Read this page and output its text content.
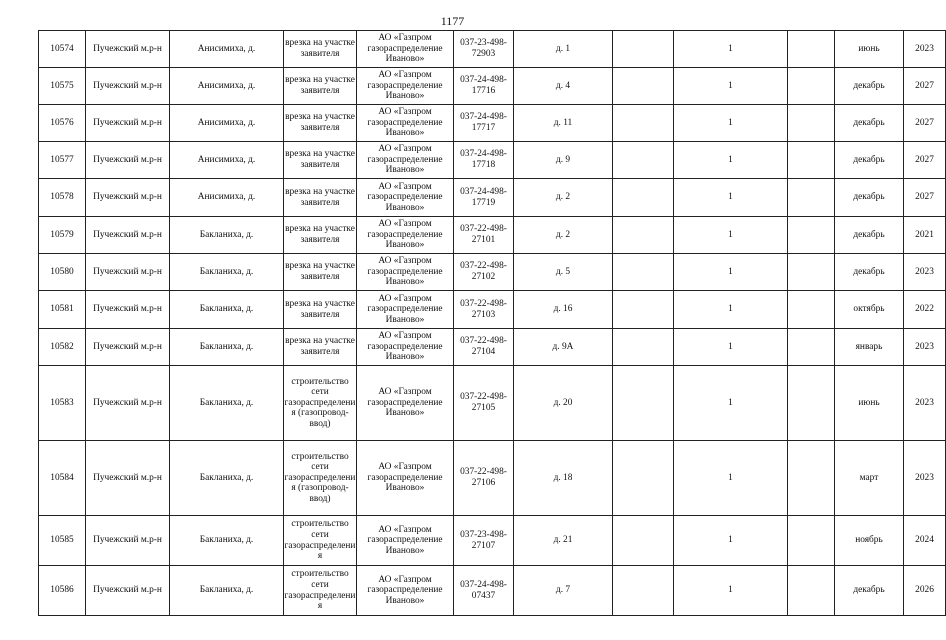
1177
10574	Пучежский м.р-н	Анисимиха, д.	врезка на участке заявителя	АО «Газпром газораспределение Иваново»	037-23-498-72903	д. 1		1		июнь	2023
10575	Пучежский м.р-н	Анисимиха, д.	врезка на участке заявителя	АО «Газпром газораспределение Иваново»	037-24-498-17716	д. 4		1		декабрь	2027
10576	Пучежский м.р-н	Анисимиха, д.	врезка на участке заявителя	АО «Газпром газораспределение Иваново»	037-24-498-17717	д. 11		1		декабрь	2027
10577	Пучежский м.р-н	Анисимиха, д.	врезка на участке заявителя	АО «Газпром газораспределение Иваново»	037-24-498-17718	д. 9		1		декабрь	2027
10578	Пучежский м.р-н	Анисимиха, д.	врезка на участке заявителя	АО «Газпром газораспределение Иваново»	037-24-498-17719	д. 2		1		декабрь	2027
10579	Пучежский м.р-н	Бакланиха, д.	врезка на участке заявителя	АО «Газпром газораспределение Иваново»	037-22-498-27101	д. 2		1		декабрь	2021
10580	Пучежский м.р-н	Бакланиха, д.	врезка на участке заявителя	АО «Газпром газораспределение Иваново»	037-22-498-27102	д. 5		1		декабрь	2023
10581	Пучежский м.р-н	Бакланиха, д.	врезка на участке заявителя	АО «Газпром газораспределение Иваново»	037-22-498-27103	д. 16		1		октябрь	2022
10582	Пучежский м.р-н	Бакланиха, д.	врезка на участке заявителя	АО «Газпром газораспределение Иваново»	037-22-498-27104	д. 9А		1		январь	2023
10583	Пучежский м.р-н	Бакланиха, д.	строительство сети газораспределения (газопровод-ввод)	АО «Газпром газораспределение Иваново»	037-22-498-27105	д. 20		1		июнь	2023
10584	Пучежский м.р-н	Бакланиха, д.	строительство сети газораспределения (газопровод-ввод)	АО «Газпром газораспределение Иваново»	037-22-498-27106	д. 18		1		март	2023
10585	Пучежский м.р-н	Бакланиха, д.	строительство сети газораспределения	АО «Газпром газораспределение Иваново»	037-23-498-27107	д. 21		1		ноябрь	2024
10586	Пучежский м.р-н	Бакланиха, д.	строительство сети газораспределения	АО «Газпром газораспределение Иваново»	037-24-498-07437	д. 7		1		декабрь	2026
